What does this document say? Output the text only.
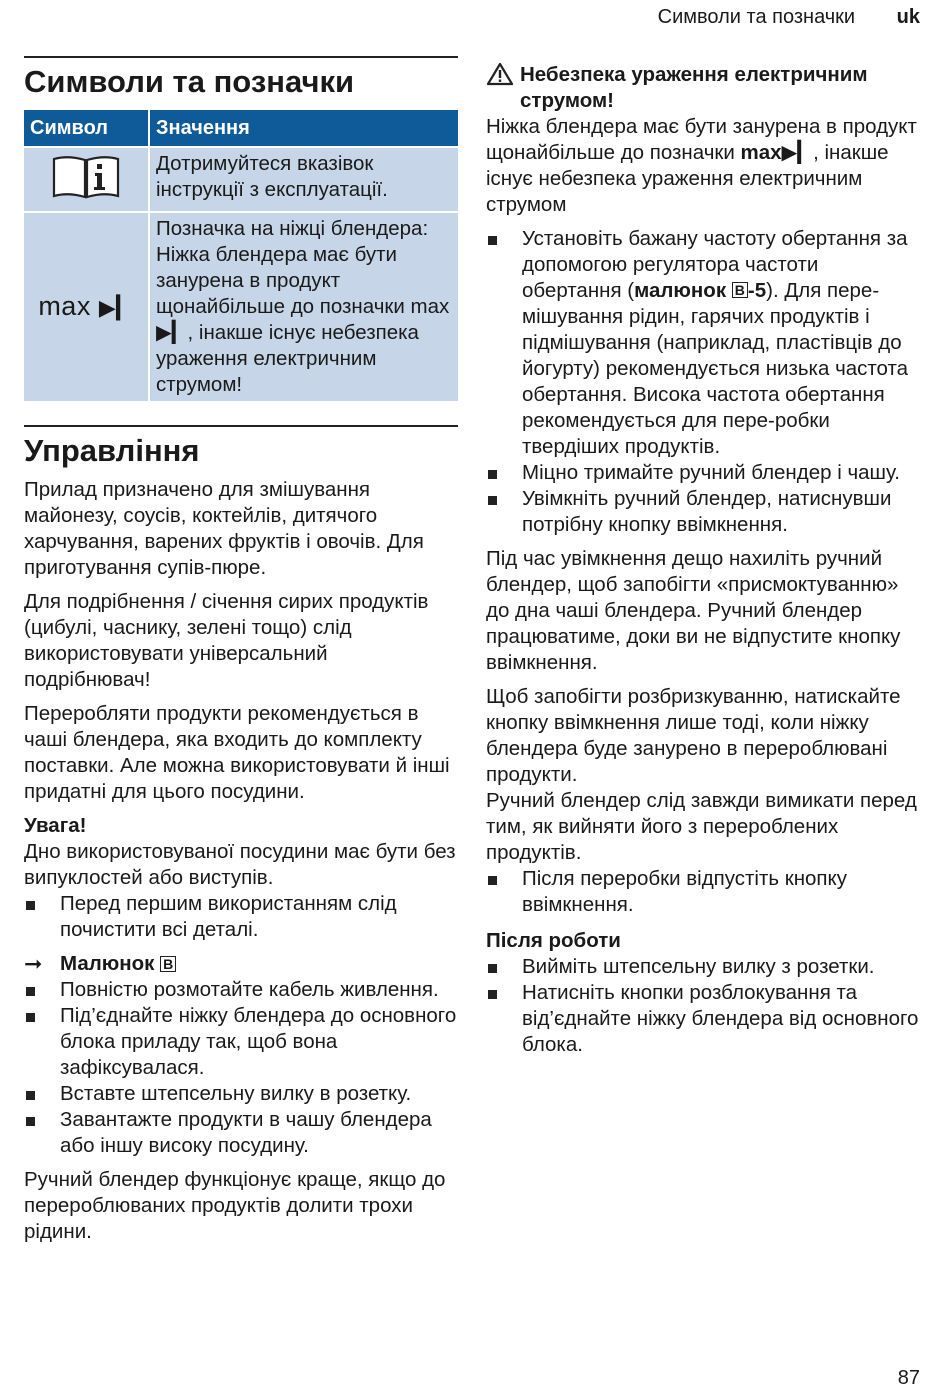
Символи та позначки uk
Символи та позначки
Символ	Значення
	Дотримуйтеся вказівок інструкції з експлуатації.
max ▶▎	Позначка на ніжці блендера: Ніжка блендера має бути занурена в продукт щонайбільше до позначки max ▶▎, інакше існує небезпека ураження електричним струмом!
Управління

Прилад призначено для змішування майонезу, соусів, коктейлів, дитячого харчування, варених фруктів і овочів. Для приготування супів-пюре.

Для подрібнення / січення сирих продуктів (цибулі, часнику, зелені тощо) слід використовувати універсальний подрібнювач!

Переробляти продукти рекомендується в чаші блендера, яка входить до комплекту поставки. Але можна використовувати й інші придатні для цього посудини.

Увага!

Дно використовуваної посудини має бути без випуклостей або виступів.

Перед першим використанням слід почистити всі деталі.
➞ Малюнок
B
Повністю розмотайте кабель живлення.
Під’єднайте ніжку блендера до основного блока приладу так, щоб вона зафіксувалася.
Вставте штепсельну вилку в розетку.
Завантажте продукти в чашу блендера або іншу високу посудину.

Ручний блендер функціонує краще, якщо до перероблюваних продуктів долити трохи рідини.

Небезпека ураження електричним струмом!

Ніжка блендера має бути занурена в продукт щонайбільше до позначки max▶▎, інакше існує небезпека ураження електричним струмом

Установіть бажану частоту обертання за допомогою регулятора частоти обертання (малюнок B -5). Для пере-мішування рідин, гарячих продуктів і підмішування (наприклад, пластівців до йогурту) рекомендується низька частота обертання. Висока частота обертання рекомендується для пере-робки твердіших продуктів.
Міцно тримайте ручний блендер і чашу.
Увімкніть ручний блендер, натиснувши потрібну кнопку ввімкнення.

Під час увімкнення дещо нахиліть ручний блендер, щоб запобігти «присмоктуванню» до дна чаші блендера. Ручний блендер працюватиме, доки ви не відпустите кнопку ввімкнення.

Щоб запобігти розбризкуванню, натискайте кнопку ввімкнення лише тоді, коли ніжку блендера буде занурено в перероблювані продукти.

Ручний блендер слід завжди вимикати перед тим, як вийняти його з перероблених продуктів.

Після переробки відпустіть кнопку ввімкнення.
Після роботи
Вийміть штепсельну вилку з розетки.
Натисніть кнопки розблокування та від’єднайте ніжку блендера від основного блока.
87
